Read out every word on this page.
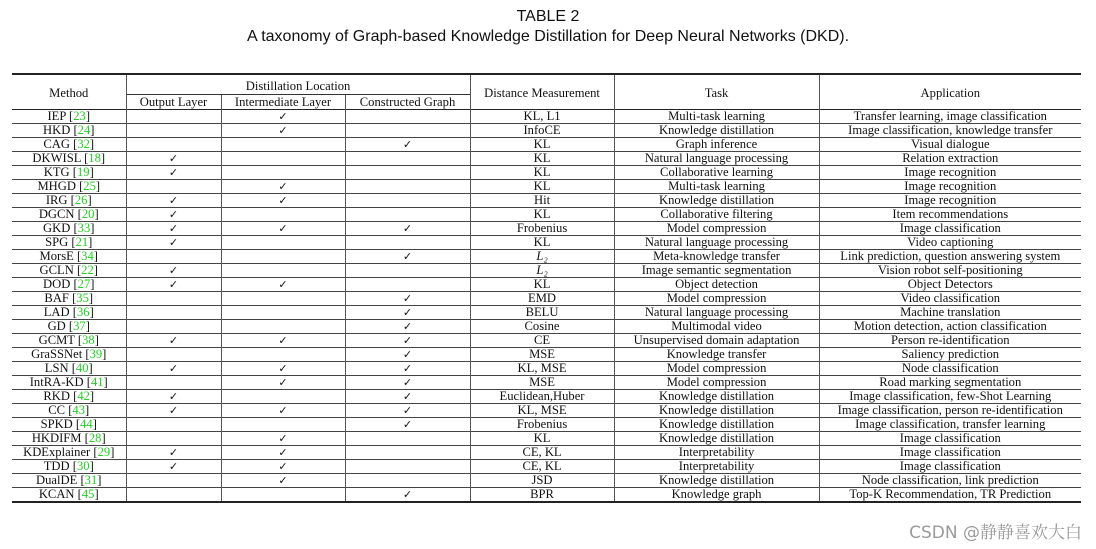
TABLE 2
A taxonomy of Graph-based Knowledge Distillation for Deep Neural Networks (DKD).
Method	Distillation Location			Distance Measurement	Task	Application
	Output Layer	Intermediate Layer	Constructed Graph			
IEP [23]		✓		KL, L1	Multi-task learning	Transfer learning, image classification
HKD [24]		✓		InfoCE	Knowledge distillation	Image classification, knowledge transfer
CAG [32]			✓	KL	Graph inference	Visual dialogue
DKWISL [18]	✓			KL	Natural language processing	Relation extraction
KTG [19]	✓			KL	Collaborative learning	Image recognition
MHGD [25]		✓		KL	Multi-task learning	Image recognition
IRG [26]	✓	✓		Hit	Knowledge distillation	Image recognition
DGCN [20]	✓			KL	Collaborative filtering	Item recommendations
GKD [33]	✓	✓	✓	Frobenius	Model compression	Image classification
SPG [21]	✓			KL	Natural language processing	Video captioning
MorsE [34]			✓	L₂	Meta-knowledge transfer	Link prediction, question answering system
GCLN [22]	✓			L₂	Image semantic segmentation	Vision robot self-positioning
DOD [27]	✓	✓		KL	Object detection	Object Detectors
BAF [35]			✓	EMD	Model compression	Video classification
LAD [36]			✓	BELU	Natural language processing	Machine translation
GD [37]			✓	Cosine	Multimodal video	Motion detection, action classification
GCMT [38]	✓	✓	✓	CE	Unsupervised domain adaptation	Person re-identification
GraSSNet [39]			✓	MSE	Knowledge transfer	Saliency prediction
LSN [40]	✓	✓	✓	KL, MSE	Model compression	Node classification
IntRA-KD [41]		✓	✓	MSE	Model compression	Road marking segmentation
RKD [42]	✓		✓	Euclidean,Huber	Knowledge distillation	Image classification, few-Shot Learning
CC [43]	✓	✓	✓	KL, MSE	Knowledge distillation	Image classification, person re-identification
SPKD [44]			✓	Frobenius	Knowledge distillation	Image classification, transfer learning
HKDIFM [28]		✓		KL	Knowledge distillation	Image classification
KDExplainer [29]	✓	✓		CE, KL	Interpretability	Image classification
TDD [30]	✓	✓		CE, KL	Interpretability	Image classification
DualDE [31]		✓		JSD	Knowledge distillation	Node classification, link prediction
KCAN [45]			✓	BPR	Knowledge graph	Top-K Recommendation, TR Prediction
CSDN @静静喜欢大白
